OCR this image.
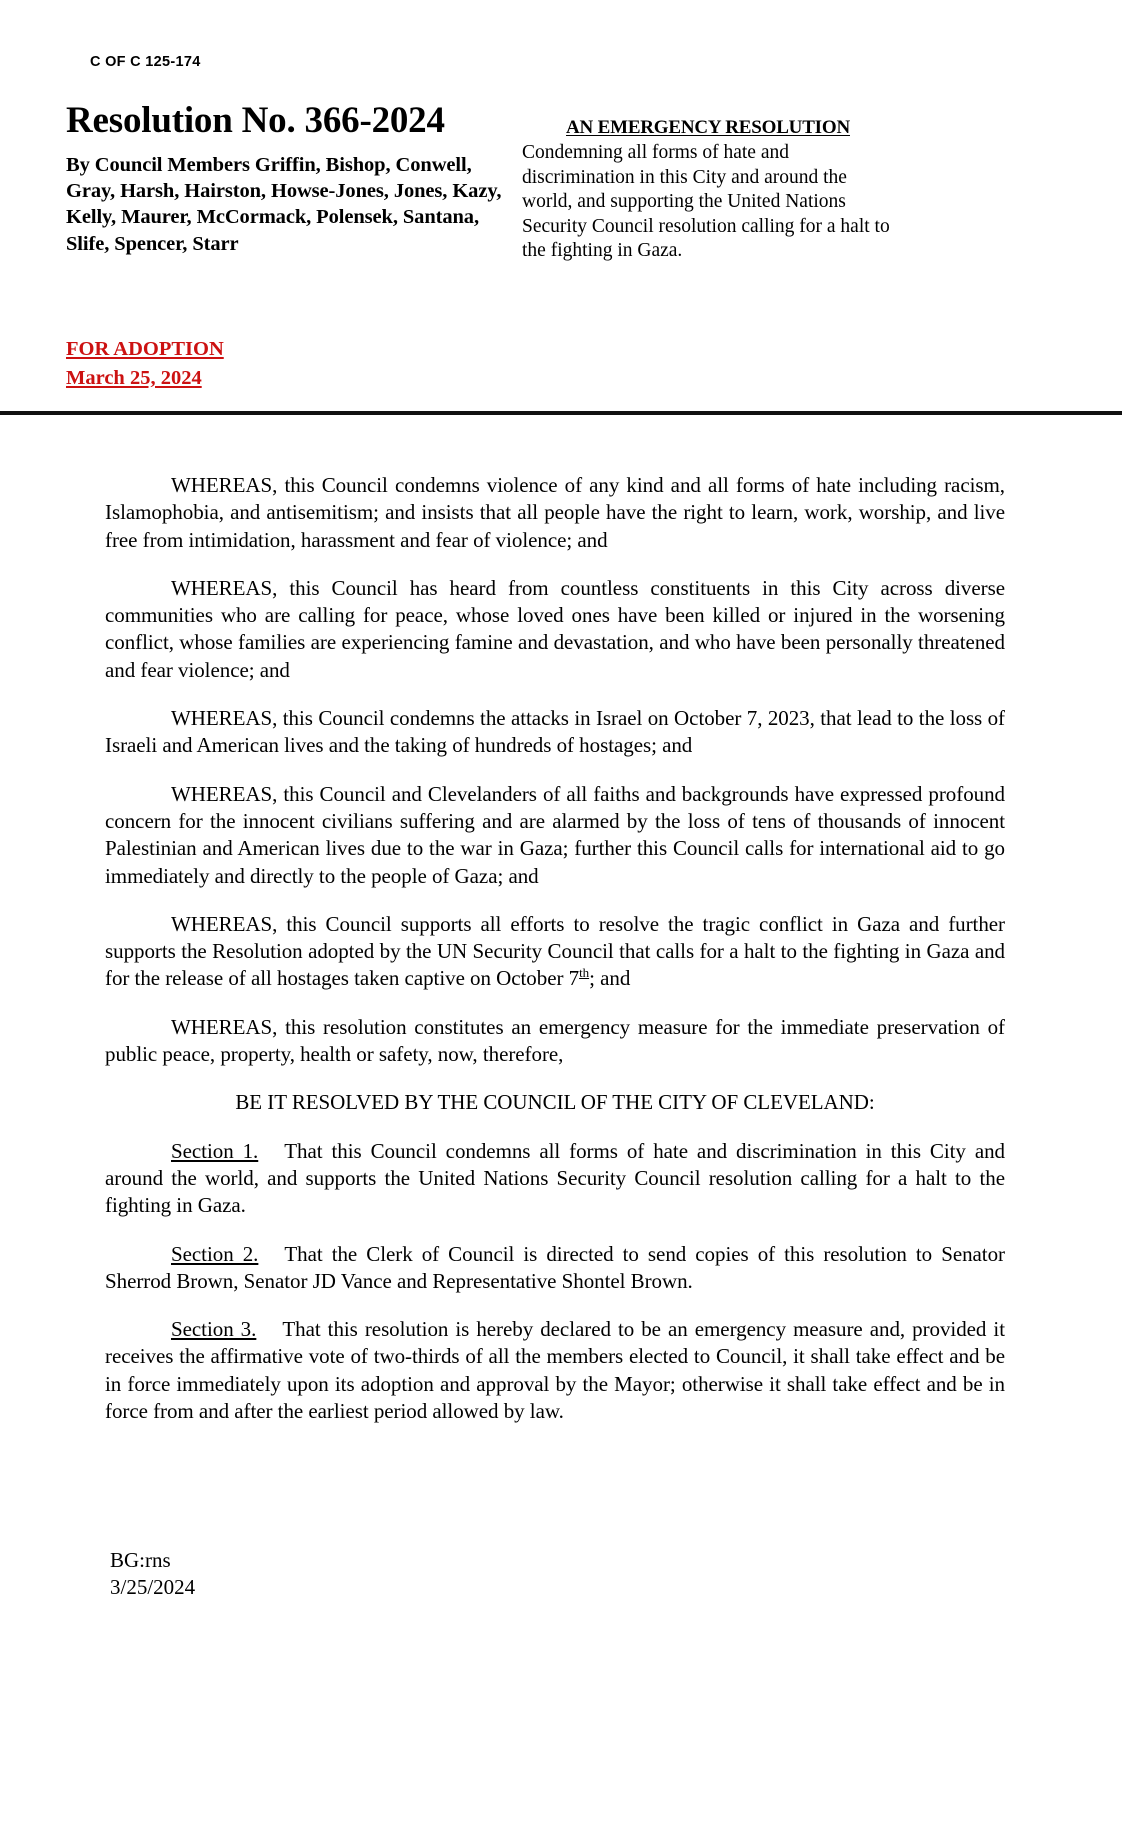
C OF C 125-174
Resolution No. 366-2024
By Council Members Griffin, Bishop, Conwell, Gray, Harsh, Hairston, Howse-Jones, Jones, Kazy, Kelly, Maurer, McCormack, Polensek, Santana, Slife, Spencer, Starr
FOR ADOPTION
March 25, 2024
AN EMERGENCY RESOLUTION
Condemning all forms of hate and discrimination in this City and around the world, and supporting the United Nations Security Council resolution calling for a halt to the fighting in Gaza.

WHEREAS, this Council condemns violence of any kind and all forms of hate including racism, Islamophobia, and antisemitism; and insists that all people have the right to learn, work, worship, and live free from intimidation, harassment and fear of violence; and

WHEREAS, this Council has heard from countless constituents in this City across diverse communities who are calling for peace, whose loved ones have been killed or injured in the worsening conflict, whose families are experiencing famine and devastation, and who have been personally threatened and fear violence; and

WHEREAS, this Council condemns the attacks in Israel on October 7, 2023, that lead to the loss of Israeli and American lives and the taking of hundreds of hostages; and

WHEREAS, this Council and Clevelanders of all faiths and backgrounds have expressed profound concern for the innocent civilians suffering and are alarmed by the loss of tens of thousands of innocent Palestinian and American lives due to the war in Gaza; further this Council calls for international aid to go immediately and directly to the people of Gaza; and

WHEREAS, this Council supports all efforts to resolve the tragic conflict in Gaza and further supports the Resolution adopted by the UN Security Council that calls for a halt to the fighting in Gaza and for the release of all hostages taken captive on October 7th; and

WHEREAS, this resolution constitutes an emergency measure for the immediate preservation of public peace, property, health or safety, now, therefore,

BE IT RESOLVED BY THE COUNCIL OF THE CITY OF CLEVELAND:

Section 1. That this Council condemns all forms of hate and discrimination in this City and around the world, and supports the United Nations Security Council resolution calling for a halt to the fighting in Gaza.

Section 2. That the Clerk of Council is directed to send copies of this resolution to Senator Sherrod Brown, Senator JD Vance and Representative Shontel Brown.

Section 3. That this resolution is hereby declared to be an emergency measure and, provided it receives the affirmative vote of two-thirds of all the members elected to Council, it shall take effect and be in force immediately upon its adoption and approval by the Mayor; otherwise it shall take effect and be in force from and after the earliest period allowed by law.

BG:rns
3/25/2024
